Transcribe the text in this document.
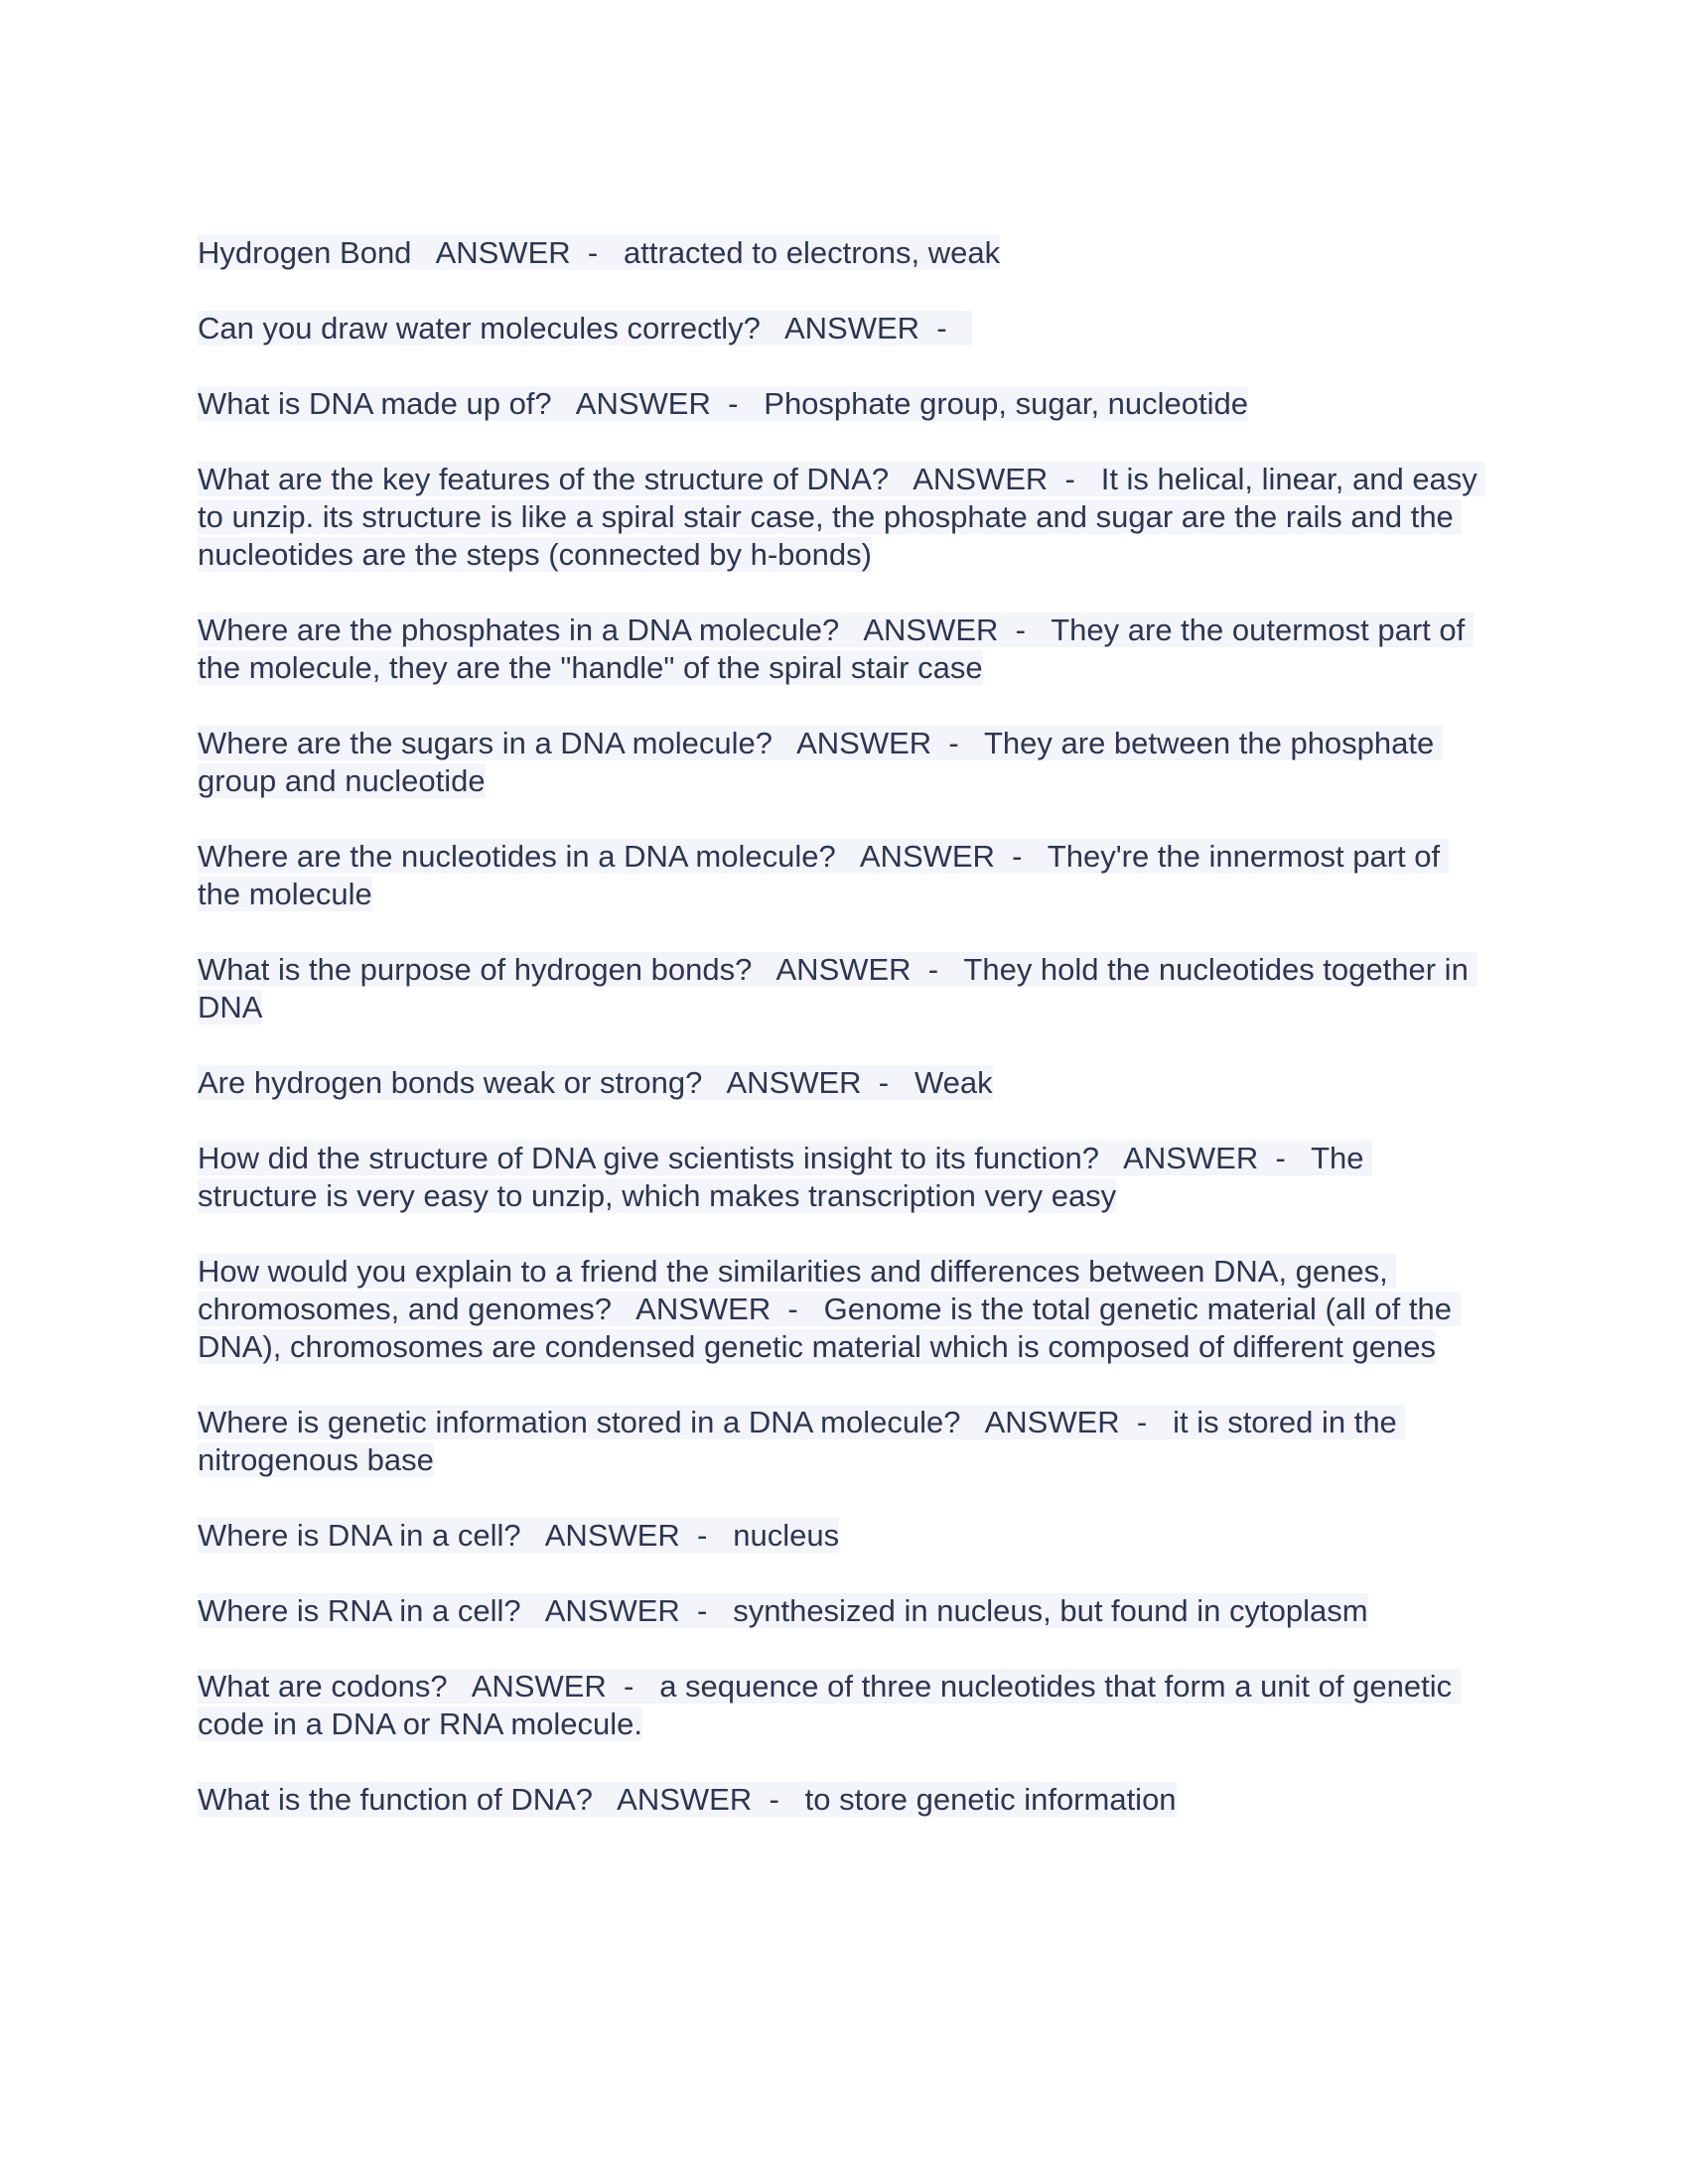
Hydrogen Bond   ANSWER  -   attracted to electrons, weak

Can you draw water molecules correctly?   ANSWER  -

What is DNA made up of?   ANSWER  -   Phosphate group, sugar, nucleotide

What are the key features of the structure of DNA?   ANSWER  -   It is helical, linear, and easy to unzip. its structure is like a spiral stair case, the phosphate and sugar are the rails and the nucleotides are the steps (connected by h-bonds)

Where are the phosphates in a DNA molecule?   ANSWER  -   They are the outermost part of the molecule, they are the "handle" of the spiral stair case

Where are the sugars in a DNA molecule?   ANSWER  -   They are between the phosphate group and nucleotide

Where are the nucleotides in a DNA molecule?   ANSWER  -   They're the innermost part of the molecule

What is the purpose of hydrogen bonds?   ANSWER  -   They hold the nucleotides together in DNA

Are hydrogen bonds weak or strong?   ANSWER  -   Weak

How did the structure of DNA give scientists insight to its function?   ANSWER  -   The structure is very easy to unzip, which makes transcription very easy

How would you explain to a friend the similarities and differences between DNA, genes, chromosomes, and genomes?   ANSWER  -   Genome is the total genetic material (all of the DNA), chromosomes are condensed genetic material which is composed of different genes

Where is genetic information stored in a DNA molecule?   ANSWER  -   it is stored in the nitrogenous base

Where is DNA in a cell?   ANSWER  -   nucleus

Where is RNA in a cell?   ANSWER  -   synthesized in nucleus, but found in cytoplasm

What are codons?   ANSWER  -   a sequence of three nucleotides that form a unit of genetic code in a DNA or RNA molecule.

What is the function of DNA?   ANSWER  -   to store genetic information
